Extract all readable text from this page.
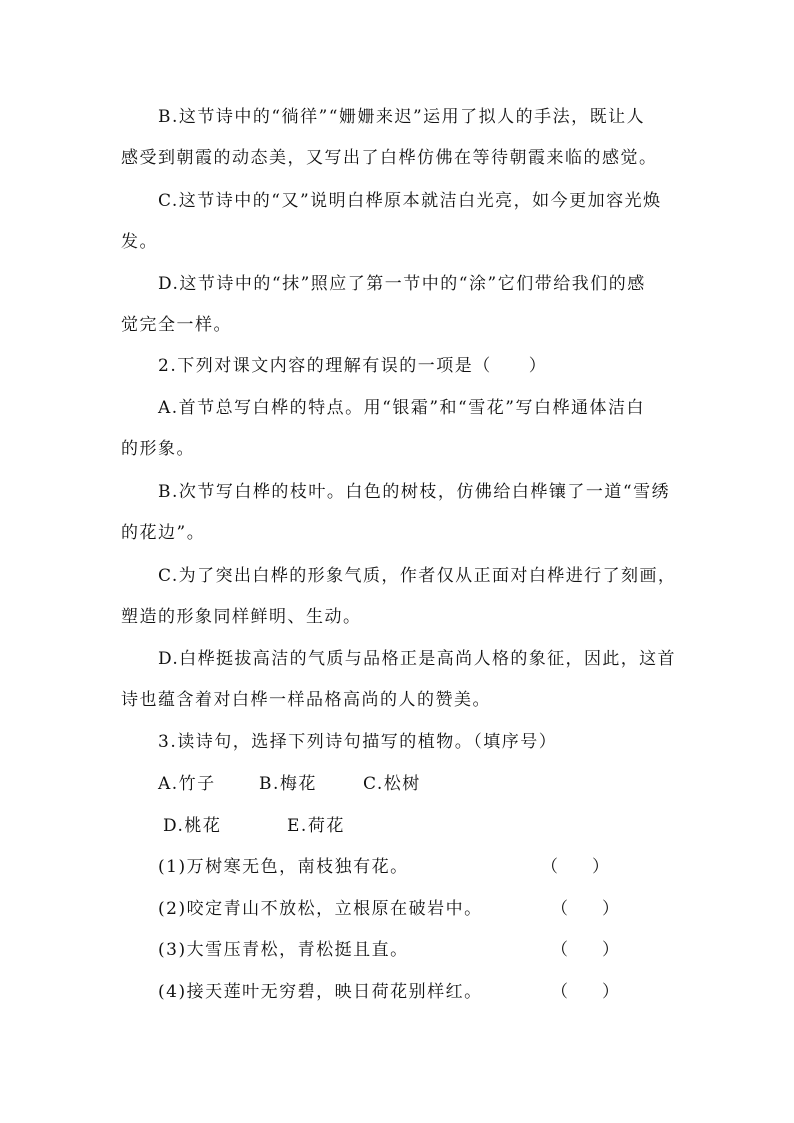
B.这节诗中的“徜徉”“姗姗来迟”运用了拟人的手法，既让人
感受到朝霞的动态美，又写出了白桦仿佛在等待朝霞来临的感觉。
C.这节诗中的“又”说明白桦原本就洁白光亮，如今更加容光焕
发。
D.这节诗中的“抹”照应了第一节中的“涂”它们带给我们的感
觉完全一样。
2.下列对课文内容的理解有误的一项是（　　）
A.首节总写白桦的特点。用“银霜”和“雪花”写白桦通体洁白
的形象。
B.次节写白桦的枝叶。白色的树枝，仿佛给白桦镶了一道“雪绣
的花边”。
C.为了突出白桦的形象气质，作者仅从正面对白桦进行了刻画，
塑造的形象同样鲜明、生动。
D.白桦挺拔高洁的气质与品格正是高尚人格的象征，因此，这首
诗也蕴含着对白桦一样品格高尚的人的赞美。
3.读诗句，选择下列诗句描写的植物。（填序号）
A.竹子	B.梅花	C.松树
D.桃花	E.荷花
(1)万树寒无色，南枝独有花。	（　　）
(2)咬定青山不放松，立根原在破岩中。	（　　）
(3)大雪压青松，青松挺且直。	（　　）
(4)接天莲叶无穷碧，映日荷花别样红。	（　　）
